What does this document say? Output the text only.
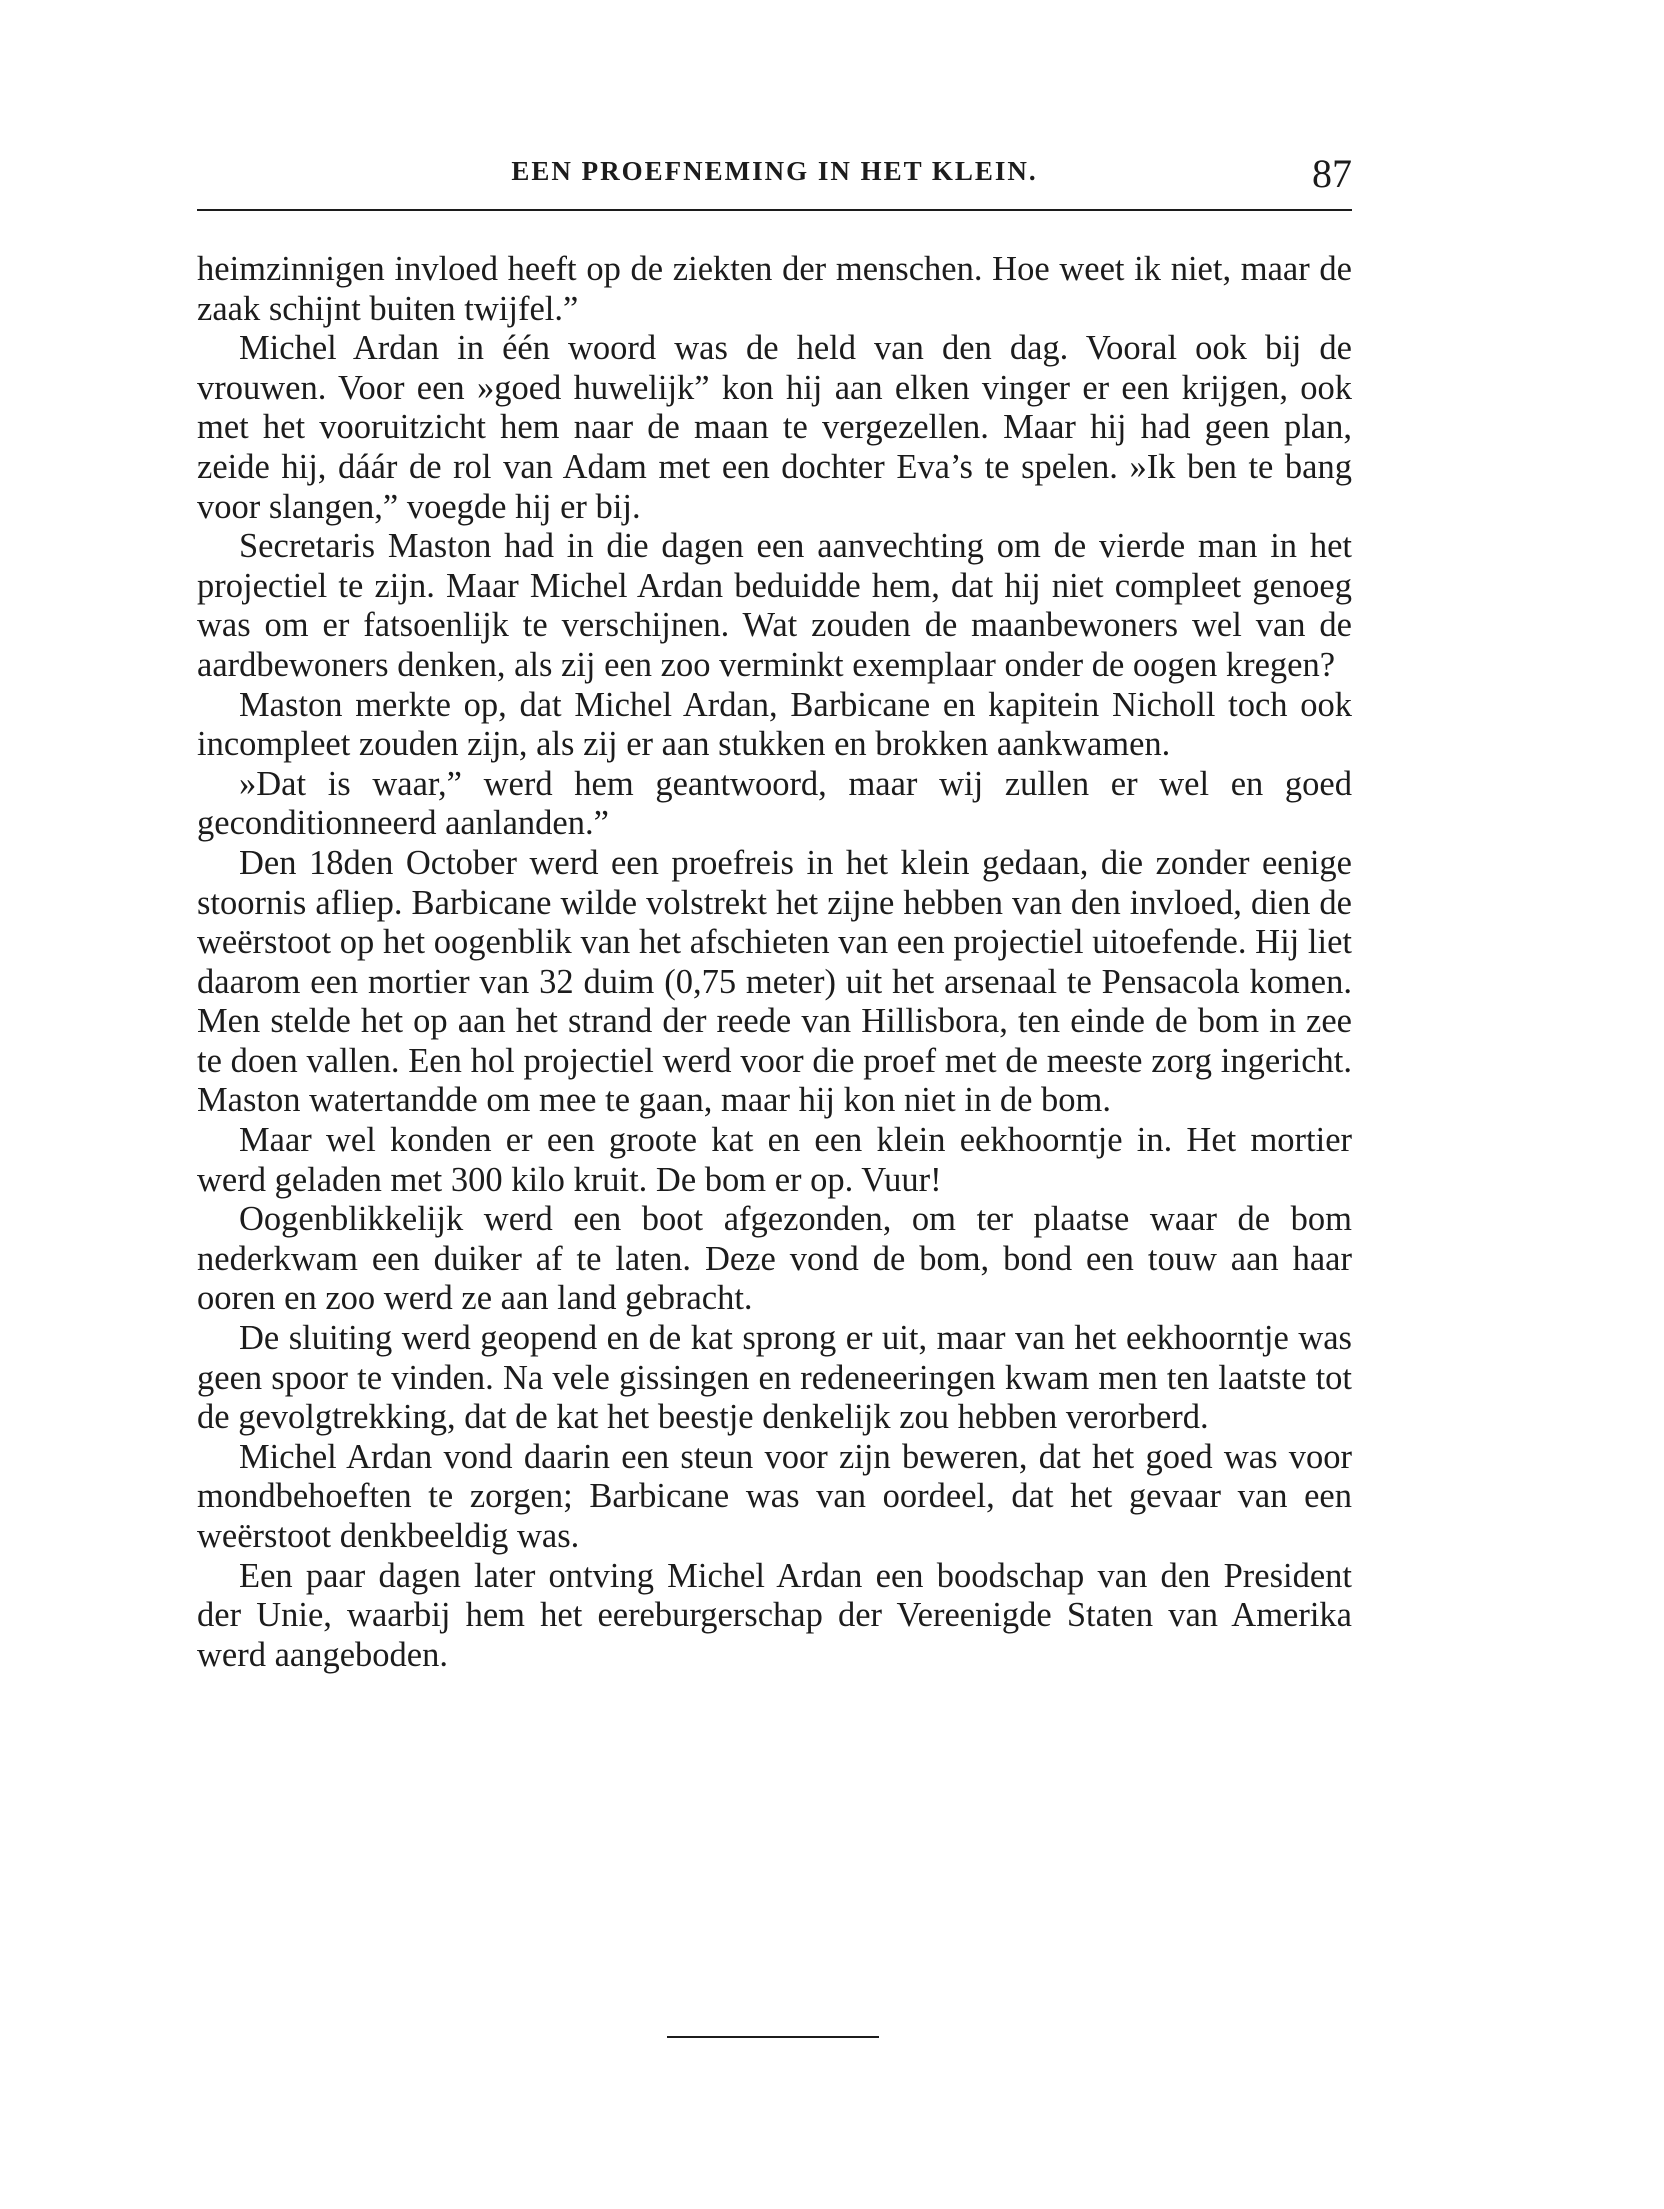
EEN PROEFNEMING IN HET KLEIN.	87

heimzinnigen invloed heeft op de ziekten der menschen. Hoe weet ik niet, maar de zaak schijnt buiten twijfel.”

Michel Ardan in één woord was de held van den dag. Vooral ook bij de vrouwen. Voor een »goed huwelijk” kon hij aan elken vinger er een krijgen, ook met het vooruitzicht hem naar de maan te vergezellen. Maar hij had geen plan, zeide hij, dáár de rol van Adam met een dochter Eva’s te spelen. »Ik ben te bang voor slangen,” voegde hij er bij.

Secretaris Maston had in die dagen een aanvechting om de vierde man in het projectiel te zijn. Maar Michel Ardan beduidde hem, dat hij niet compleet genoeg was om er fatsoenlijk te verschijnen. Wat zouden de maanbewoners wel van de aardbewoners denken, als zij een zoo verminkt exemplaar onder de oogen kregen?

Maston merkte op, dat Michel Ardan, Barbicane en kapitein Nicholl toch ook incompleet zouden zijn, als zij er aan stukken en brokken aankwamen.

»Dat is waar,” werd hem geantwoord, maar wij zullen er wel en goed geconditionneerd aanlanden.”

Den 18den October werd een proefreis in het klein gedaan, die zonder eenige stoornis afliep. Barbicane wilde volstrekt het zijne hebben van den invloed, dien de weërstoot op het oogenblik van het afschieten van een projectiel uitoefende. Hij liet daarom een mortier van 32 duim (0,75 meter) uit het arsenaal te Pensacola komen. Men stelde het op aan het strand der reede van Hillisbora, ten einde de bom in zee te doen vallen. Een hol projectiel werd voor die proef met de meeste zorg ingericht. Maston watertandde om mee te gaan, maar hij kon niet in de bom.

Maar wel konden er een groote kat en een klein eekhoorntje in. Het mortier werd geladen met 300 kilo kruit. De bom er op. Vuur!

Oogenblikkelijk werd een boot afgezonden, om ter plaatse waar de bom nederkwam een duiker af te laten. Deze vond de bom, bond een touw aan haar ooren en zoo werd ze aan land gebracht.

De sluiting werd geopend en de kat sprong er uit, maar van het eekhoorntje was geen spoor te vinden. Na vele gissingen en redeneeringen kwam men ten laatste tot de gevolgtrekking, dat de kat het beestje denkelijk zou hebben verorberd.

Michel Ardan vond daarin een steun voor zijn beweren, dat het goed was voor mondbehoeften te zorgen; Barbicane was van oordeel, dat het gevaar van een weërstoot denkbeeldig was.

Een paar dagen later ontving Michel Ardan een boodschap van den President der Unie, waarbij hem het eereburgerschap der Vereenigde Staten van Amerika werd aangeboden.
